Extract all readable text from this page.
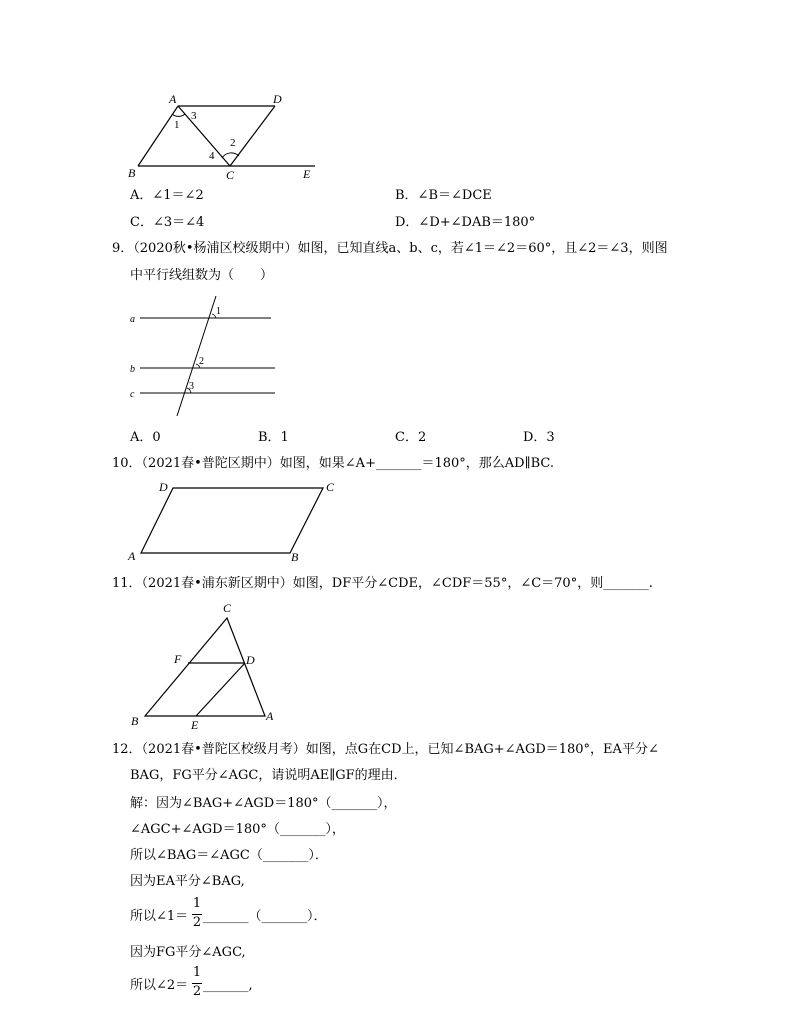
A	D
B	C	E
1
3
2
4
A．∠1＝∠2	B．∠B＝∠DCE
C．∠3＝∠4	D．∠D+∠DAB＝180°
9．（2020秋•杨浦区校级期中）如图，已知直线a、b、c，若∠1＝∠2＝60°，且∠2＝∠3，则图
中平行线组数为（　　）
a
b
c
1
2
3
A．0	B．1	C．2	D．3
10．（2021春•普陀区期中）如图，如果∠A+_______＝180°，那么AD∥BC.
D	C
A	B
11．（2021春•浦东新区期中）如图，DF平分∠CDE，∠CDF＝55°，∠C＝70°，则_______.
C
F	D
B	E
A
12．（2021春•普陀区校级月考）如图，点G在CD上，已知∠BAG+∠AGD＝180°，EA平分∠
BAG，FG平分∠AGC，请说明AE∥GF的理由．
解：因为∠BAG+∠AGD＝180°（_______），
∠AGC+∠AGD＝180°（_______），
所以∠BAG＝∠AGC（_______）．
因为EA平分∠BAG,
所以∠1＝
1
2 _______（_______）．
因为FG平分∠AGC,
所以∠2＝
1
2 _______,
